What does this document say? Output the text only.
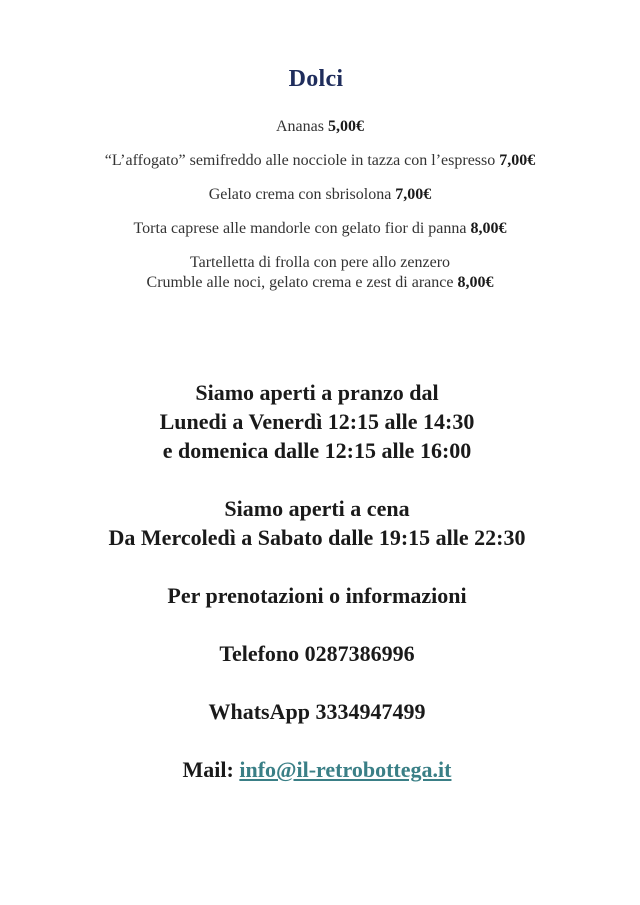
Dolci

Ananas 5,00€

“L’affogato” semifreddo alle nocciole in tazza con l’espresso 7,00€

Gelato crema con sbrisolona 7,00€

Torta caprese alle mandorle con gelato fior di panna 8,00€

Tartelletta di frolla con pere allo zenzero

Crumble alle noci, gelato crema e zest di arance 8,00€

Siamo aperti a pranzo dal

Lunedi a Venerdì 12:15 alle 14:30

e domenica dalle 12:15 alle 16:00

Siamo aperti a cena

Da Mercoledì a Sabato dalle 19:15 alle 22:30

Per prenotazioni o informazioni

Telefono 0287386996

WhatsApp 3334947499

Mail: info@il-retrobottega.it
